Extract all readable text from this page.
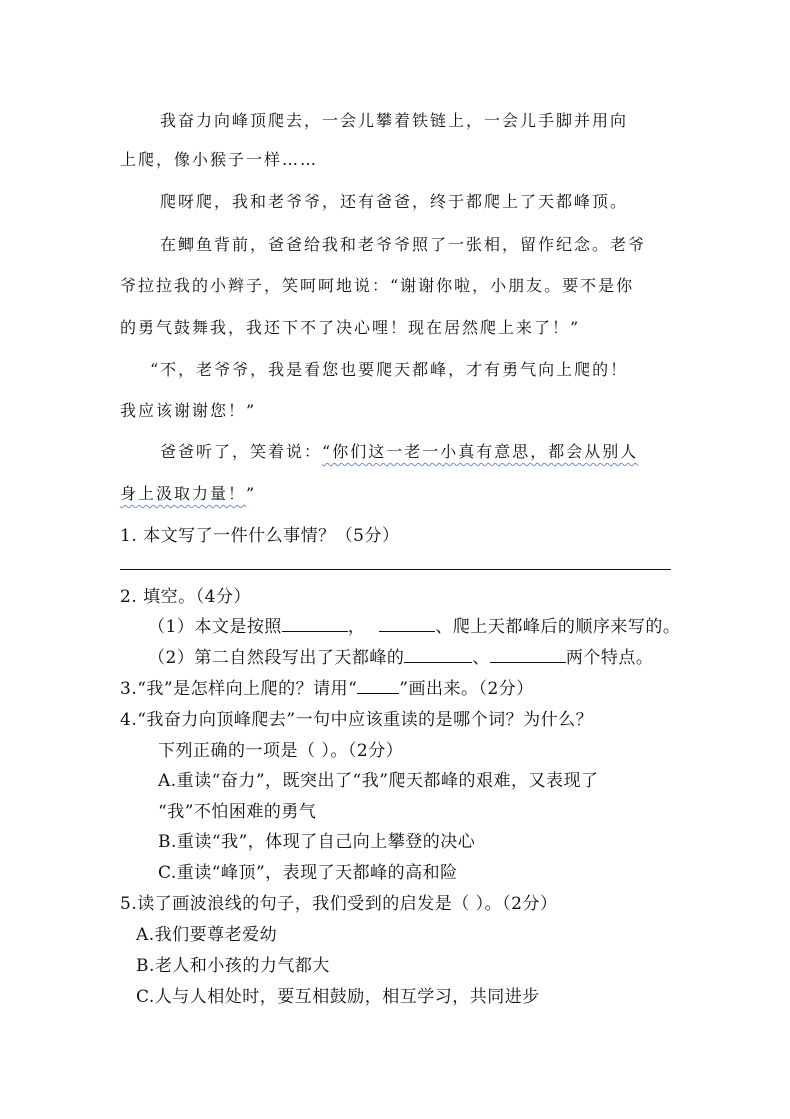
我奋力向峰顶爬去，一会儿攀着铁链上，一会儿手脚并用向
上爬，像小猴子一样……
爬呀爬，我和老爷爷，还有爸爸，终于都爬上了天都峰顶。
在鲫鱼背前，爸爸给我和老爷爷照了一张相，留作纪念。老爷
爷拉拉我的小辫子，笑呵呵地说：“谢谢你啦，小朋友。要不是你
的勇气鼓舞我，我还下不了决心哩！现在居然爬上来了！”
“不，老爷爷，我是看您也要爬天都峰，才有勇气向上爬的！
我应该谢谢您！”
爸爸听了，笑着说：“你们这一老一小真有意思，都会从别人
身上汲取力量！”
1. 本文写了一件什么事情？（5分）
2. 填空。（4分）
（1）本文是按照	，	、爬上天都峰后的顺序来写的。
（2）第二自然段写出了天都峰的	、	两个特点。
3.“我”是怎样向上爬的？请用“ ”画出来。（2分）
4.“我奋力向顶峰爬去”一句中应该重读的是哪个词？为什么？
下列正确的一项是（ ）。（2分）
A.重读“奋力”，既突出了“我”爬天都峰的艰难，又表现了
“我”不怕困难的勇气
B.重读“我”，体现了自己向上攀登的决心
C.重读“峰顶”，表现了天都峰的高和险
5.读了画波浪线的句子，我们受到的启发是（ ）。（2分）
A.我们要尊老爱幼
B.老人和小孩的力气都大
C.人与人相处时，要互相鼓励，相互学习，共同进步
